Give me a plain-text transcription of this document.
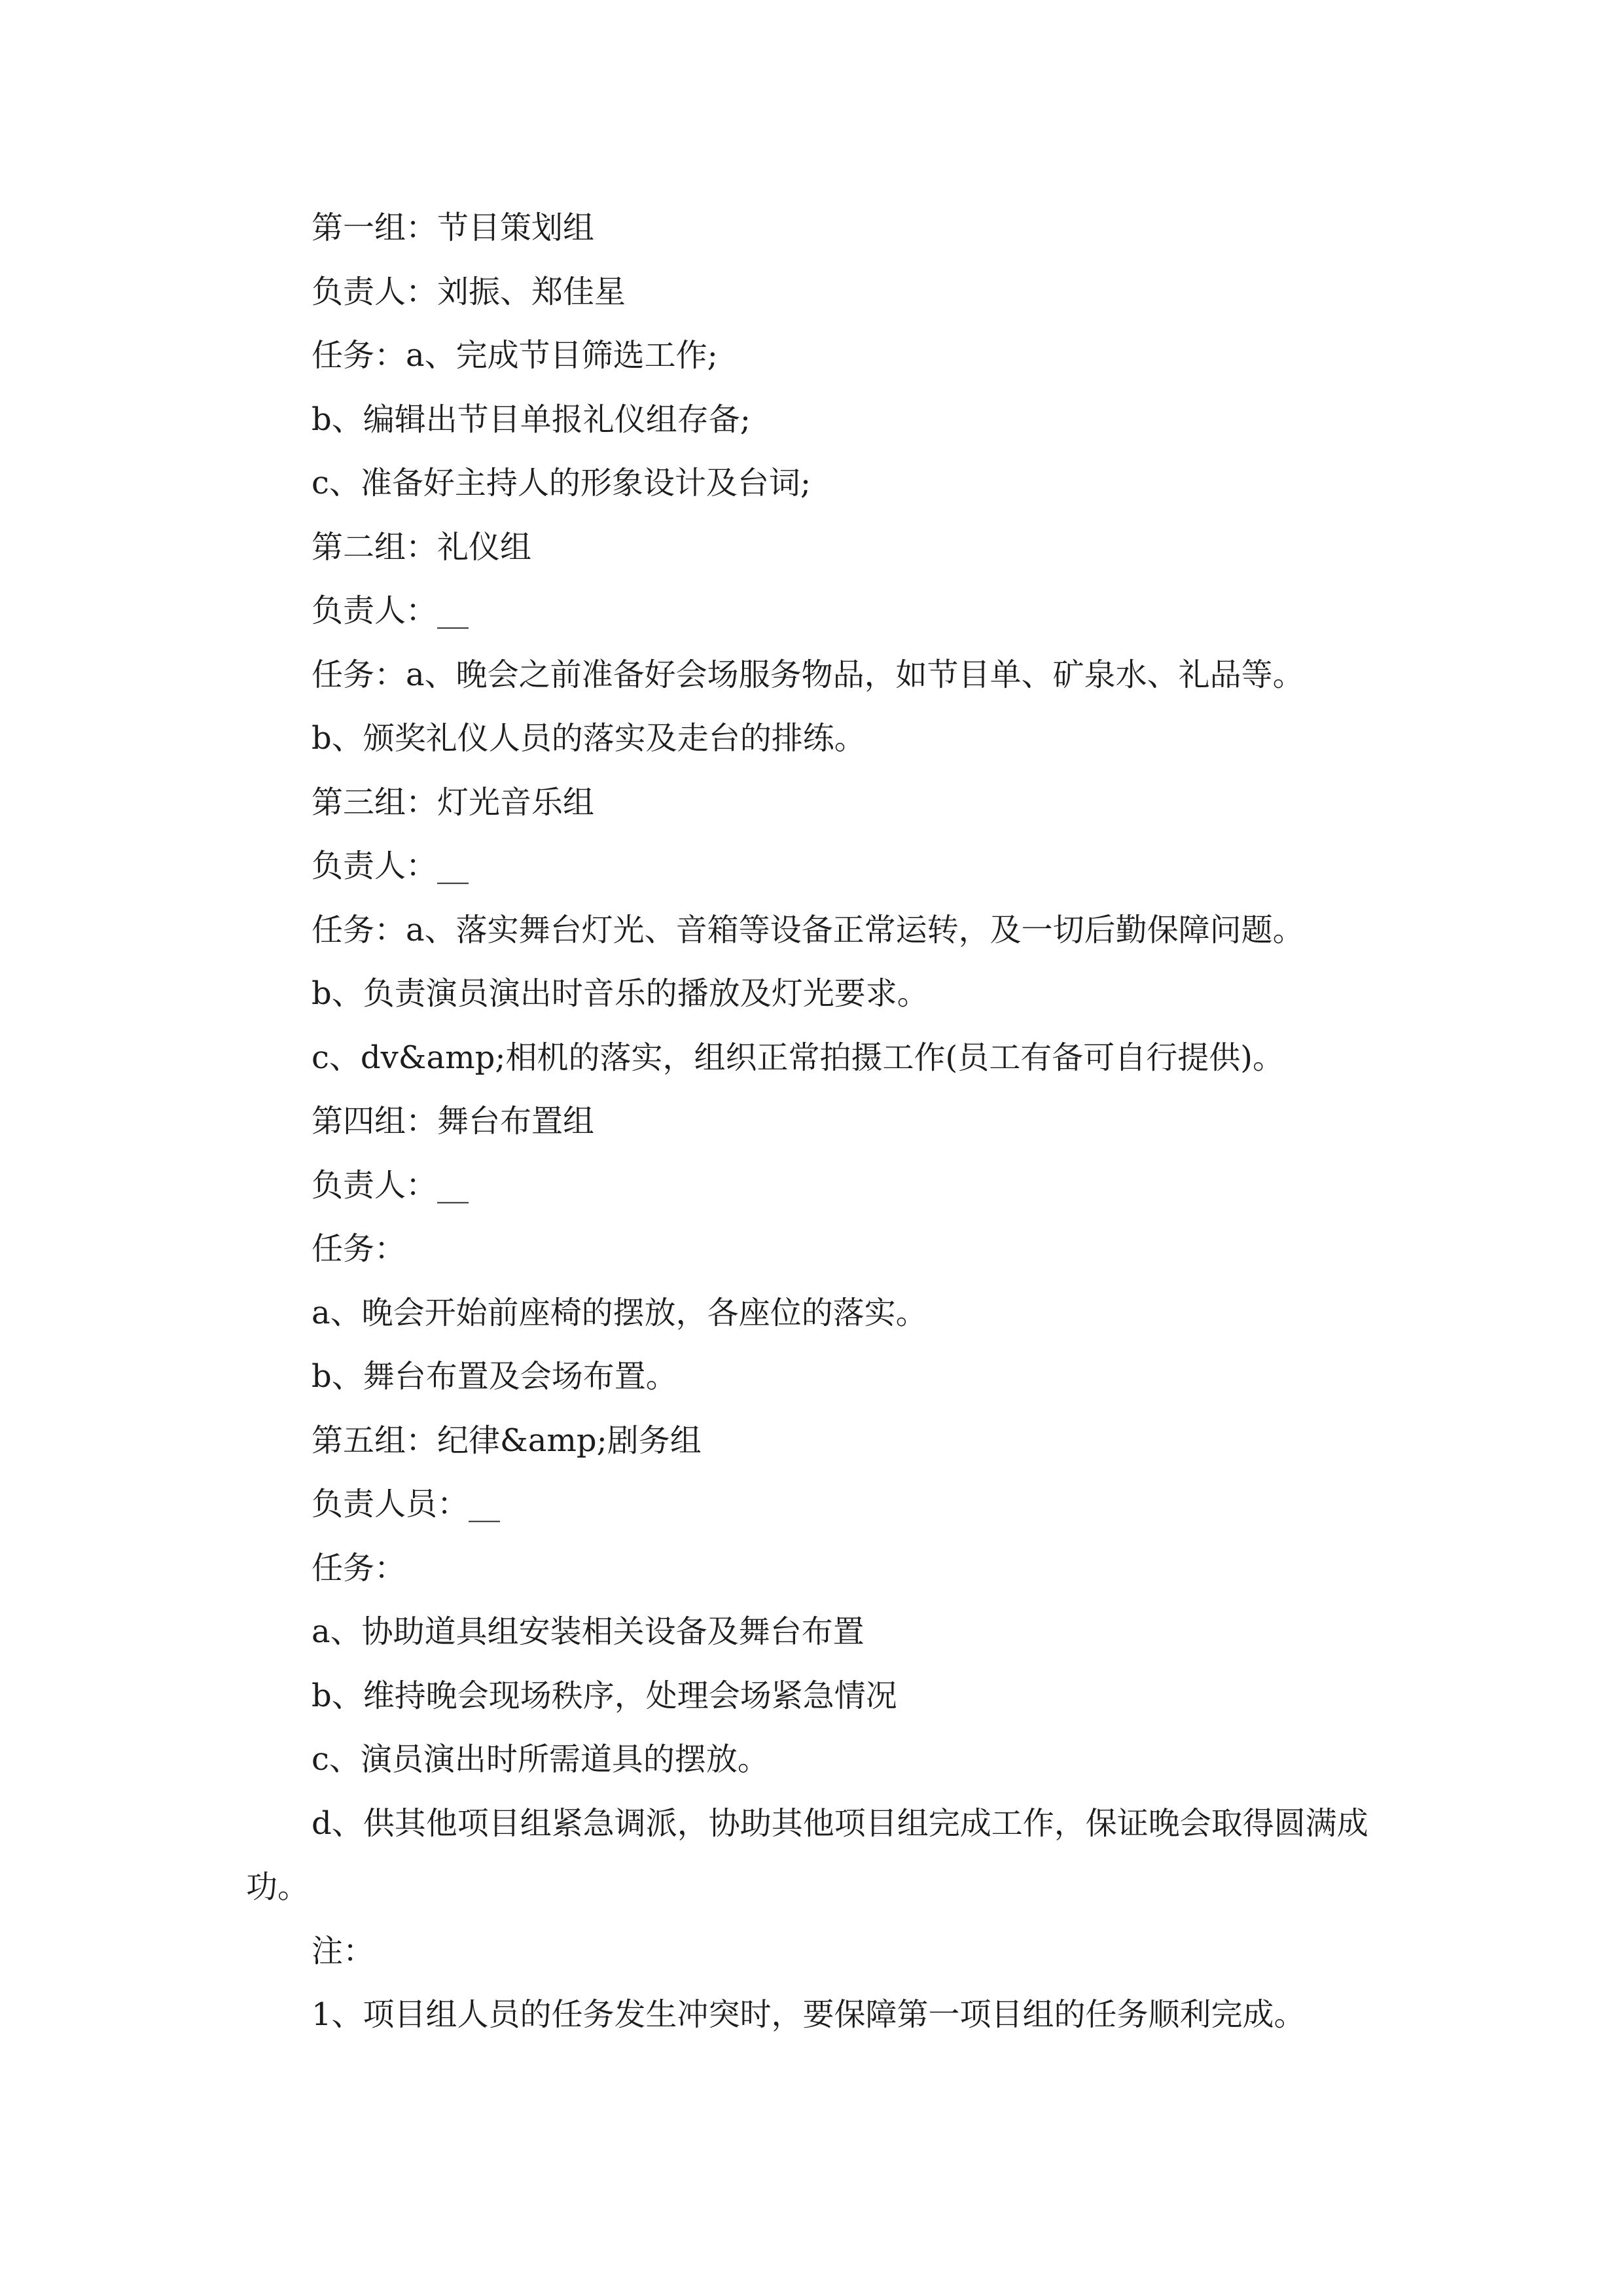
第一组：节目策划组

负责人：刘振、郑佳星

任务：a、完成节目筛选工作;

b、编辑出节目单报礼仪组存备;

c、准备好主持人的形象设计及台词;

第二组：礼仪组

负责人：__

任务：a、晚会之前准备好会场服务物品，如节目单、矿泉水、礼品等。

b、颁奖礼仪人员的落实及走台的排练。

第三组：灯光音乐组

负责人：__

任务：a、落实舞台灯光、音箱等设备正常运转，及一切后勤保障问题。

b、负责演员演出时音乐的播放及灯光要求。

c、dv&amp;相机的落实，组织正常拍摄工作(员工有备可自行提供)。

第四组：舞台布置组

负责人：__

任务：

a、晚会开始前座椅的摆放，各座位的落实。

b、舞台布置及会场布置。

第五组：纪律&amp;剧务组

负责人员：__

任务：

a、协助道具组安装相关设备及舞台布置

b、维持晚会现场秩序，处理会场紧急情况

c、演员演出时所需道具的摆放。

d、供其他项目组紧急调派，协助其他项目组完成工作，保证晚会取得圆满成功。

注：

1、项目组人员的任务发生冲突时，要保障第一项目组的任务顺利完成。
